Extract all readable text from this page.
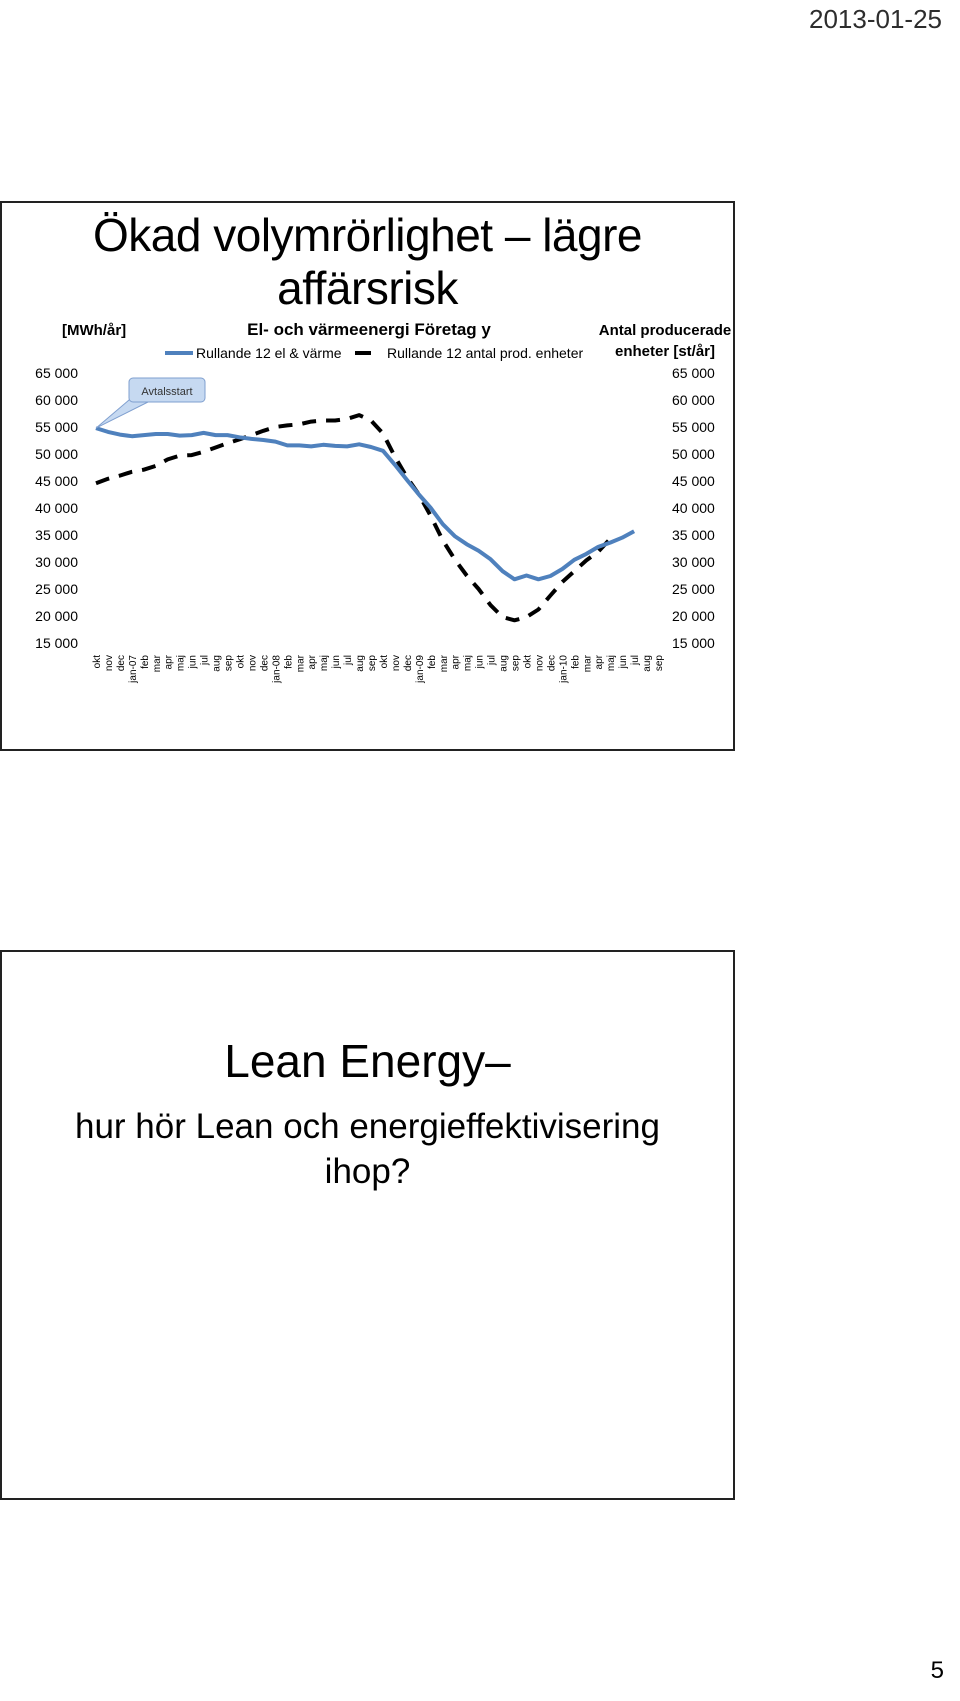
2013-01-25
Ökad volymrörlighet – lägre affärsrisk
El- och värmeenergi Företag y
[MWh/år]	Antal producerade
enheter [st/år]
Rullande 12 el & värme	Rullande 12 antal prod. enheter
65 000	65 000
60 000	60 000
55 000	55 000
50 000	50 000
45 000	45 000
40 000	40 000
35 000	35 000
30 000	30 000
25 000	25 000
20 000	20 000
15 000	15 000
okt nov dec jan-07 feb mar apr maj jun jul aug sep okt nov dec jan-08 feb mar apr maj jun jul aug sep okt nov dec jan-09 feb mar apr maj jun jul aug sep okt nov dec jan-10 feb mar apr maj jun jul aug sep
Avtalsstart
Lean Energy–
hur hör Lean och energieffektivisering
ihop?
5
